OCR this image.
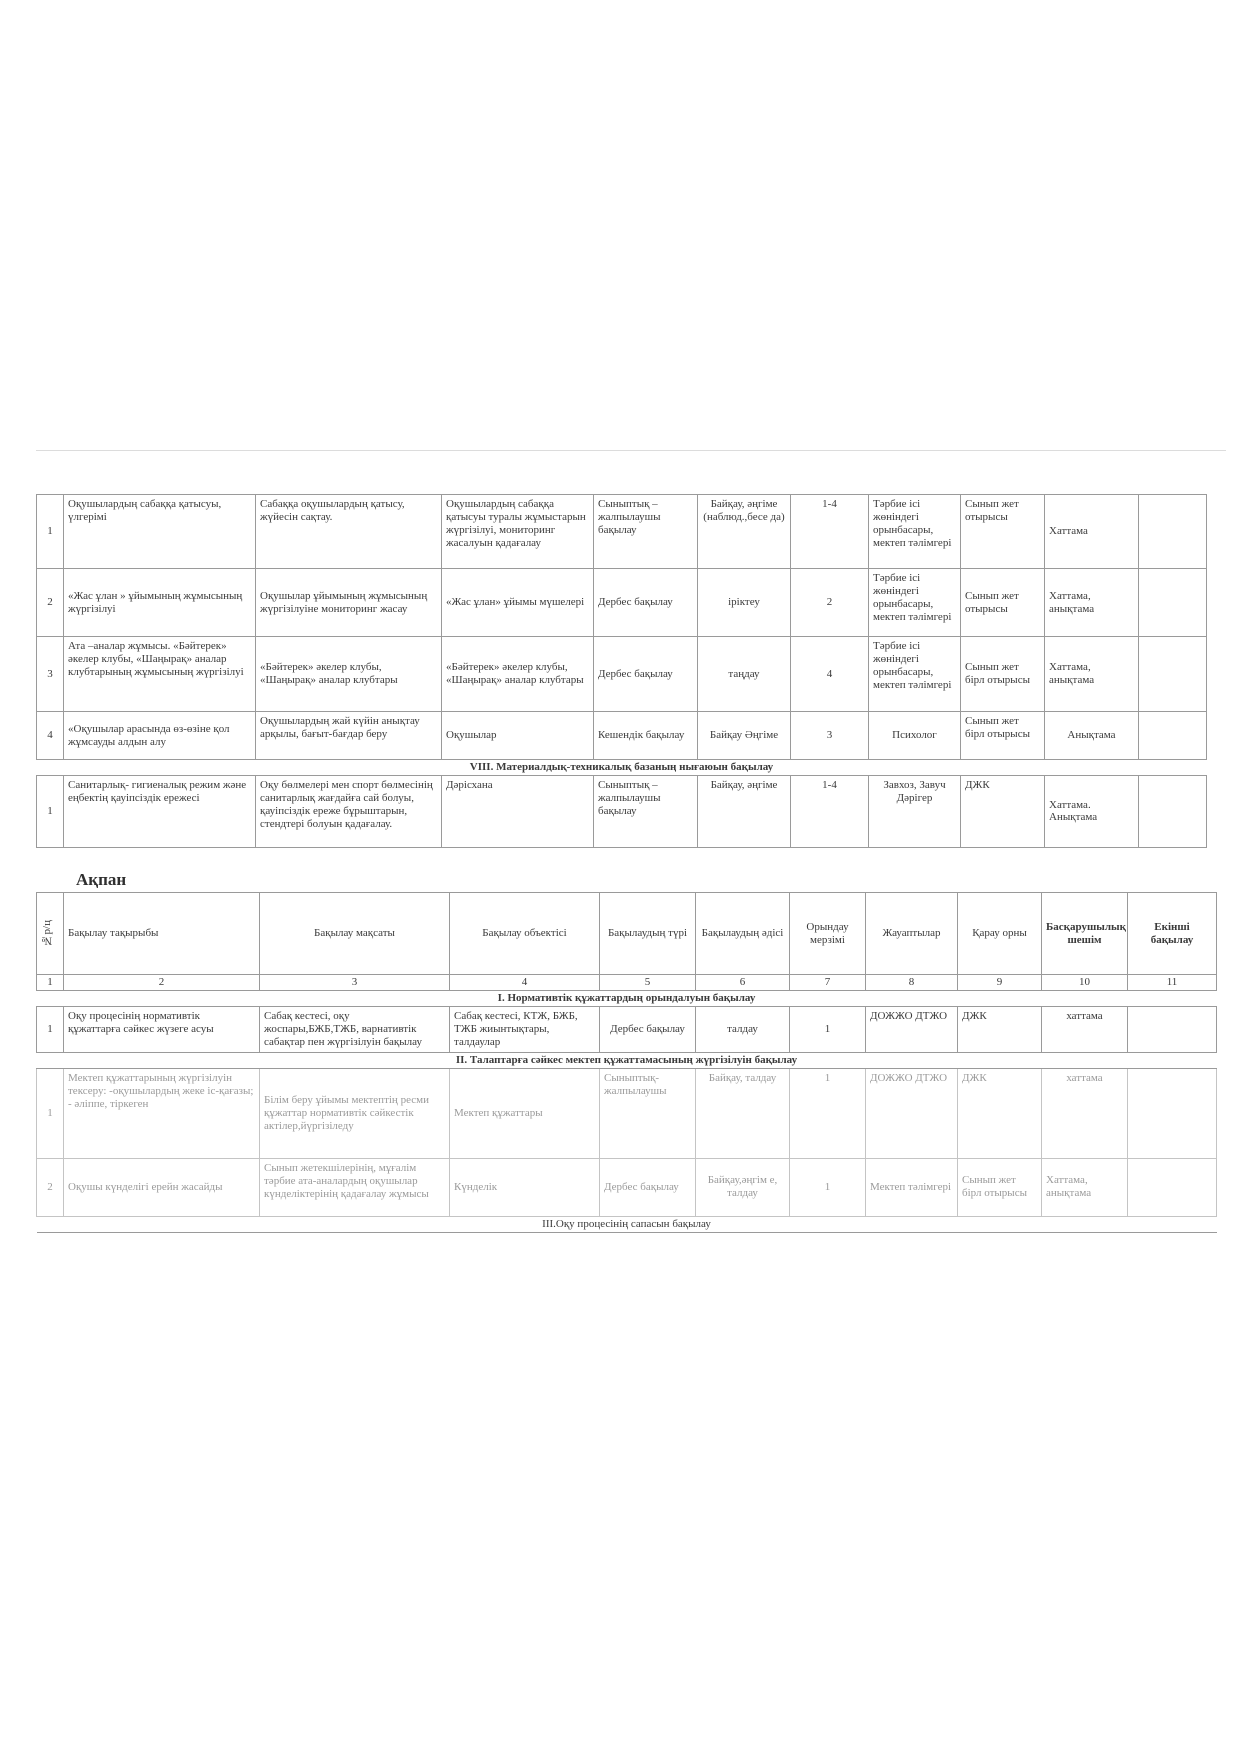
1	Оқушылардың сабаққа қатысуы, үлгерімі	Сабаққа оқушылардың қатысу, жүйесін сақтау.	Оқушылардың сабаққа қатысуы туралы жұмыстарын жүргізілуі, мониторинг жасалуын қадағалау	Сыныптық – жалпылаушы бақылау	Байқау, әңгіме (наблюд.,бесе да)	1-4	Тәрбие ісі жөніндегі орынбасары, мектеп тәлімгері	Сынып жет отырысы	Хаттама	
2	«Жас ұлан » ұйымының жұмысының жүргізілуі	Оқушылар ұйымының жұмысының жүргізілуіне мониторинг жасау	«Жас ұлан» ұйымы мүшелері	Дербес бақылау	іріктеу	2	Тәрбие ісі жөніндегі орынбасары, мектеп тәлімгері	Сынып жет отырысы	Хаттама, анықтама	
3	Ата –аналар жұмысы. «Бәйтерек» әкелер клубы, «Шаңырақ» аналар клубтарының жұмысының жүргізілуі	«Бәйтерек» әкелер клубы, «Шаңырақ» аналар клубтары	«Бәйтерек» әкелер клубы, «Шаңырақ» аналар клубтары	Дербес бақылау	таңдау	4	Тәрбие ісі жөніндегі орынбасары, мектеп тәлімгері	Сынып жет бірл отырысы	Хаттама, анықтама	
4	«Оқушылар арасында өз-өзіне қол жұмсауды алдын алу	Оқушылардың жай күйін анықтау арқылы, бағыт-бағдар беру	Оқушылар	Кешендік бақылау	Байқау Әңгіме	3	Психолог	Сынып жет бірл отырысы	Анықтама	
VIII. Материалдық-техникалық базаның нығаюын бақылау										
1	Санитарлық- гигиеналық режим және еңбектің қауіпсіздік ережесі	Оқу бөлмелері мен спорт бөлмесінің санитарлық жағдайға сай болуы, қауіпсіздік ереже бұрыштарын, стендтері болуын қадағалау.	Дәрісхана	Сыныптық – жалпылаушы бақылау	Байқау, әңгіме	1-4	Завхоз, Завуч Дәрігер	ДЖК	Хаттама. Анықтама	
Ақпан
№р/ц	Бақылау тақырыбы	Бақылау мақсаты	Бақылау объектісі	Бақылаудың түрі	Бақылаудың әдісі	Орындау мерзімі	Жауаптылар	Қарау орны	Басқарушылық шешім	Екінші бақылау
1	2	3	4	5	6	7	8	9	10	11
I. Нормативтік құжаттардың орындалуын бақылау										
1	Оқу процесінің нормативтік құжаттарға сәйкес жүзеге асуы	Сабақ кестесі, оқу жоспары,БЖБ,ТЖБ, варнативтік сабақтар пен жүргізілуін бақылау	Сабақ кестесі, КТЖ, БЖБ, ТЖБ жиынтықтары, талдаулар	Дербес бақылау	талдау	1	ДОЖЖО ДТЖО	ДЖК	хаттама	
II. Талаптарға сәйкес мектеп құжаттамасының жүргізілуін бақылау										
1	Мектеп құжаттарының жүргізілуін тексеру: -оқушылардың жеке іс-қағазы; - әліппе, тіркеген	Білім беру ұйымы мектептің ресми құжаттар нормативтік сәйкестік актілер,йүргізіледу	Мектеп құжаттары	Сыныптық-жалпылаушы	Байқау, талдау	1	ДОЖЖО ДТЖО	ДЖК	хаттама	
2	Оқушы күнделігі ерейн жасайды	Сынып жетекшілерінің, мұғалім тәрбие ата-аналардың оқушылар күнделіктерінің қадағалау жұмысы	Күнделік	Дербес бақылау	Байқау,әңгім е, талдау	1	Мектеп тәлімгері	Сынып жет бірл отырысы	Хаттама, анықтама	
III.Оқу процесінің сапасын бақылау										
